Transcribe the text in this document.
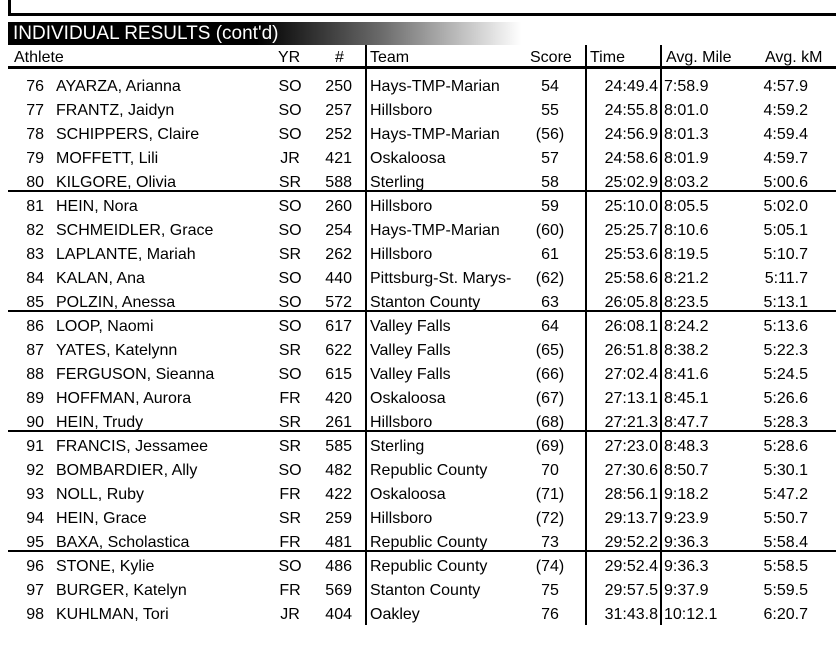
INDIVIDUAL RESULTS (cont'd)
Athlete	YR # Team	Score Time	Avg. Mile Avg. kM
76 AYARZA, Arianna	SO 250 Hays-TMP-Marian	54	24:49.4 7:58.9	4:57.9
77 FRANTZ, Jaidyn	SO 257 Hillsboro	55	24:55.8 8:01.0	4:59.2
78 SCHIPPERS, Claire	SO 252 Hays-TMP-Marian	(56)	24:56.9 8:01.3	4:59.4
79 MOFFETT, Lili	JR 421 Oskaloosa	57	24:58.6 8:01.9	4:59.7
80 KILGORE, Olivia	SR 588 Sterling	58	25:02.9 8:03.2	5:00.6
81 HEIN, Nora	SO 260 Hillsboro	59	25:10.0 8:05.5	5:02.0
82 SCHMEIDLER, Grace	SO 254 Hays-TMP-Marian	(60)	25:25.7 8:10.6	5:05.1
83 LAPLANTE, Mariah	SR 262 Hillsboro	61	25:53.6 8:19.5	5:10.7
84 KALAN, Ana	SO 440 Pittsburg-St. Marys-	(62)	25:58.6 8:21.2	5:11.7
85 POLZIN, Anessa	SO 572 Stanton County	63	26:05.8 8:23.5	5:13.1
86 LOOP, Naomi	SO 617 Valley Falls	64	26:08.1 8:24.2	5:13.6
87 YATES, Katelynn	SR 622 Valley Falls	(65)	26:51.8 8:38.2	5:22.3
88 FERGUSON, Sieanna	SO 615 Valley Falls	(66)	27:02.4 8:41.6	5:24.5
89 HOFFMAN, Aurora	FR 420 Oskaloosa	(67)	27:13.1 8:45.1	5:26.6
90 HEIN, Trudy	SR 261 Hillsboro	(68)	27:21.3 8:47.7	5:28.3
91 FRANCIS, Jessamee	SR 585 Sterling	(69)	27:23.0 8:48.3	5:28.6
92 BOMBARDIER, Ally	SO 482 Republic County	70	27:30.6 8:50.7	5:30.1
93 NOLL, Ruby	FR 422 Oskaloosa	(71)	28:56.1 9:18.2	5:47.2
94 HEIN, Grace	SR 259 Hillsboro	(72)	29:13.7 9:23.9	5:50.7
95 BAXA, Scholastica	FR 481 Republic County	73	29:52.2 9:36.3	5:58.4
96 STONE, Kylie	SO 486 Republic County	(74)	29:52.4 9:36.3	5:58.5
97 BURGER, Katelyn	FR 569 Stanton County	75	29:57.5 9:37.9	5:59.5
98 KUHLMAN, Tori	JR 404 Oakley	76	31:43.8 10:12.1	6:20.7
